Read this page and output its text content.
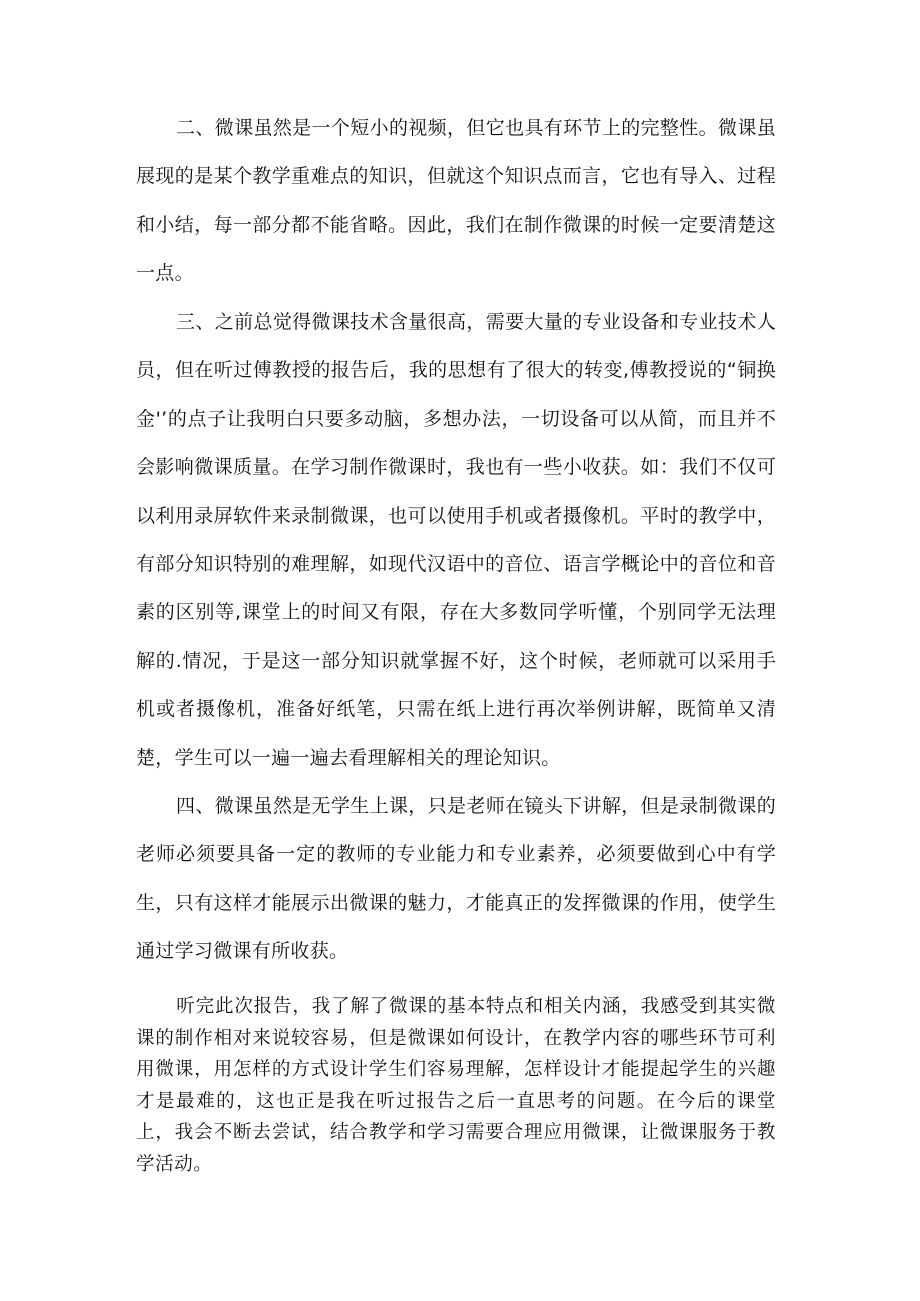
二、微课虽然是一个短小的视频，但它也具有环节上的完整性。微课虽展现的是某个教学重难点的知识，但就这个知识点而言，它也有导入、过程和小结，每一部分都不能省略。因此，我们在制作微课的时候一定要清楚这一点。

三、之前总觉得微课技术含量很高，需要大量的专业设备和专业技术人员，但在听过傅教授的报告后，我的思想有了很大的转变,傅教授说的“铜换金'’的点子让我明白只要多动脑，多想办法，一切设备可以从简，而且并不会影响微课质量。在学习制作微课时，我也有一些小收获。如：我们不仅可以利用录屏软件来录制微课，也可以使用手机或者摄像机。平时的教学中，有部分知识特别的难理解，如现代汉语中的音位、语言学概论中的音位和音素的区别等,课堂上的时间又有限，存在大多数同学听懂，个别同学无法理解的.情况，于是这一部分知识就掌握不好，这个时候，老师就可以采用手机或者摄像机，准备好纸笔，只需在纸上进行再次举例讲解，既简单又清楚，学生可以一遍一遍去看理解相关的理论知识。

四、微课虽然是无学生上课，只是老师在镜头下讲解，但是录制微课的老师必须要具备一定的教师的专业能力和专业素养，必须要做到心中有学生，只有这样才能展示出微课的魅力，才能真正的发挥微课的作用，使学生通过学习微课有所收获。

听完此次报告，我了解了微课的基本特点和相关内涵，我感受到其实微课的制作相对来说较容易，但是微课如何设计，在教学内容的哪些环节可利用微课，用怎样的方式设计学生们容易理解，怎样设计才能提起学生的兴趣才是最难的，这也正是我在听过报告之后一直思考的问题。在今后的课堂上，我会不断去尝试，结合教学和学习需要合理应用微课，让微课服务于教学活动。
